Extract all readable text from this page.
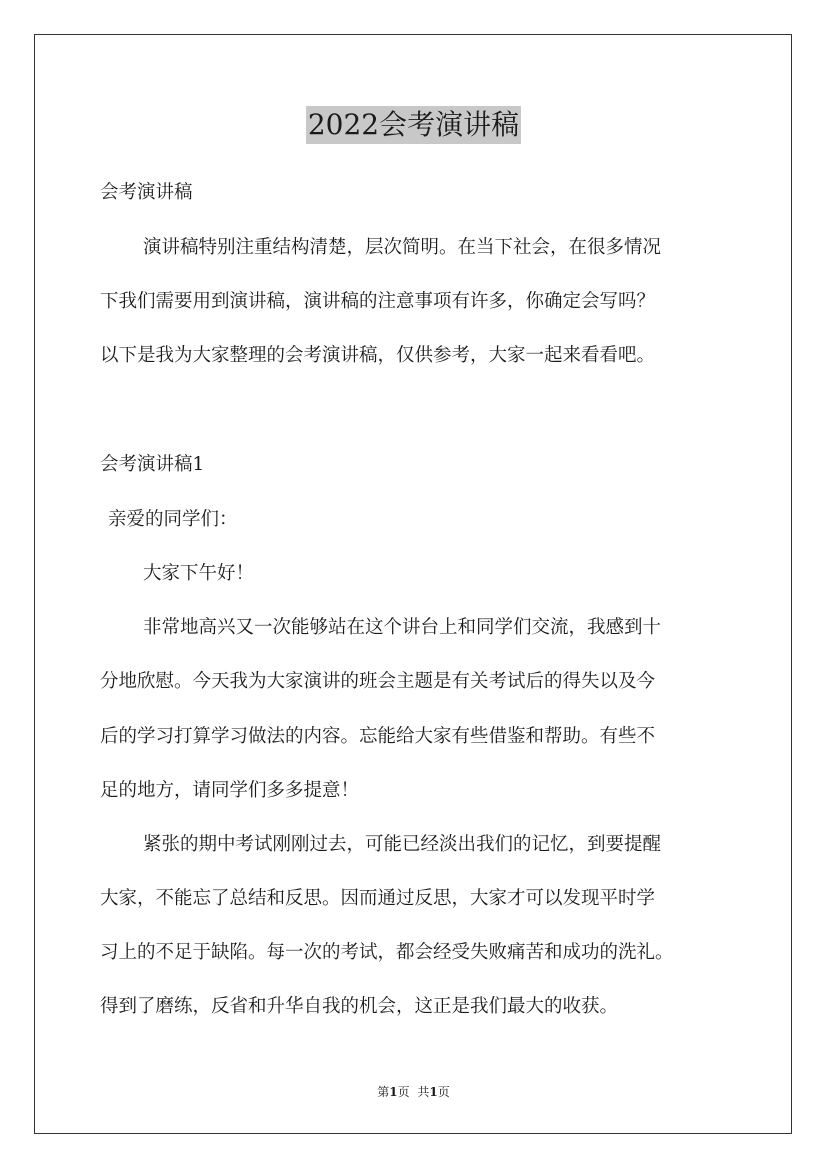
2022会考演讲稿

会考演讲稿

演讲稿特别注重结构清楚，层次简明。在当下社会，在很多情况

下我们需要用到演讲稿，演讲稿的注意事项有许多，你确定会写吗？

以下是我为大家整理的会考演讲稿，仅供参考，大家一起来看看吧。

会考演讲稿1

亲爱的同学们：

大家下午好！

非常地高兴又一次能够站在这个讲台上和同学们交流，我感到十

分地欣慰。今天我为大家演讲的班会主题是有关考试后的得失以及今

后的学习打算学习做法的内容。忘能给大家有些借鉴和帮助。有些不

足的地方，请同学们多多提意！

紧张的期中考试刚刚过去，可能已经淡出我们的记忆，到要提醒

大家，不能忘了总结和反思。因而通过反思，大家才可以发现平时学

习上的不足于缺陷。每一次的考试，都会经受失败痛苦和成功的洗礼。

得到了磨练，反省和升华自我的机会，这正是我们最大的收获。

第1页 共1页
